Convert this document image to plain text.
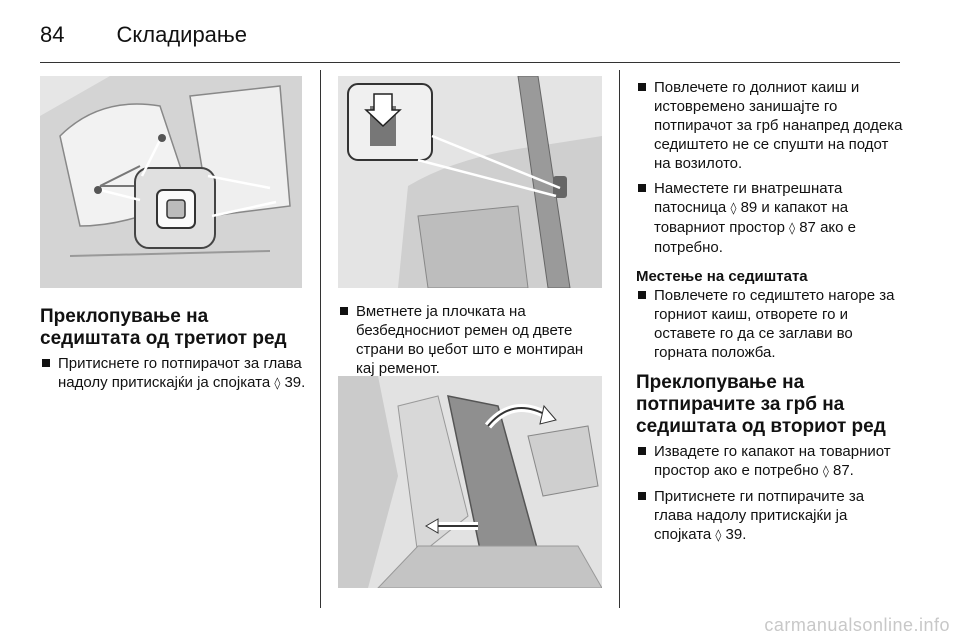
84 Складирање
Преклопување на седиштата од третиот ред
Притиснете го потпирачот за глава надолу притискајќи ја спојката ◊ 39.
Вметнете ја плочката на безбедносниот ремен од двете страни во џебот што е монтиран кај ременот.
Повлечете го долниот каиш и истовремено занишајте го потпирачот за грб нанапред додека седиштето не се спушти на подот на возилото.
Наместете ги внатрешната патосница ◊ 89 и капакот на товарниот простор ◊ 87 ако е потребно.
Местење на седиштата
Повлечете го седиштето нагоре за горниот каиш, отворете го и оставете го да се заглави во горната положба.
Преклопување на потпирачите за грб на седиштата од вториот ред
Извадете го капакот на товарниот простор ако е потребно ◊ 87.
Притиснете ги потпирачите за глава надолу притискајќи ја спојката ◊ 39.
carmanualsonline.info
